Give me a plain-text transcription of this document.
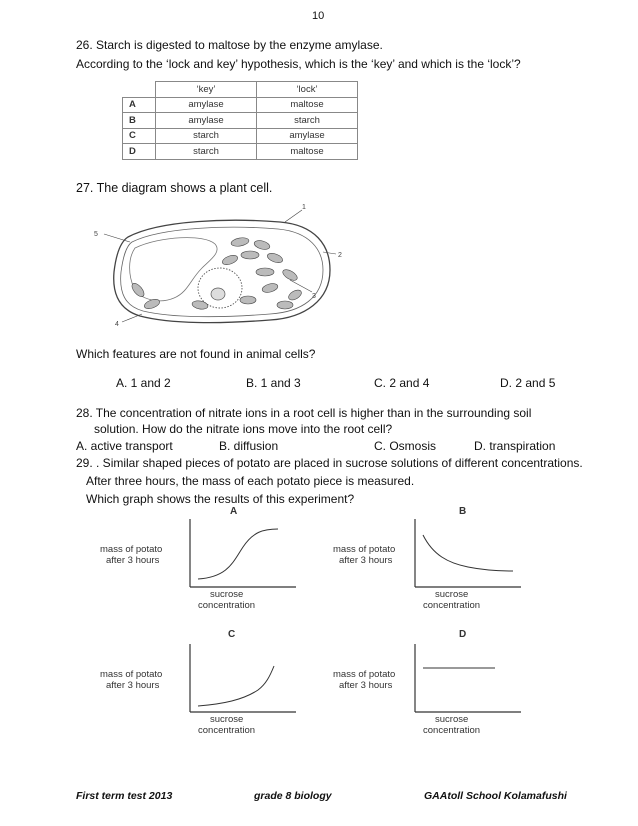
10
26. Starch is digested to maltose by the enzyme amylase.
According to the ‘lock and key’ hypothesis, which is the ‘key’ and which is the ‘lock’?
	‘key’	‘lock’
A	amylase	maltose
B	amylase	starch
C	starch	amylase
D	starch	maltose
27. The diagram shows a plant cell.
1
2
3
4
5
Which features are not found in animal cells?
A. 1 and 2	B. 1 and 3	C. 2 and 4	D. 2 and 5
28. The concentration of nitrate ions in a root cell is higher than in the surrounding soil
solution. How do the nitrate ions move into the root cell?
A. active transport	B. diffusion	C. Osmosis	D. transpiration
29. . Similar shaped pieces of potato are placed in sucrose solutions of different concentrations.
After three hours, the mass of each potato piece is measured.
Which graph shows the results of this experiment?
A
mass of potato
after 3 hours
sucrose
concentration
B
mass of potato
after 3 hours
sucrose
concentration
C
mass of potato
after 3 hours
sucrose
concentration
D
mass of potato
after 3 hours
sucrose
concentration
First term test 2013	grade 8 biology	GAAtoll School Kolamafushi
